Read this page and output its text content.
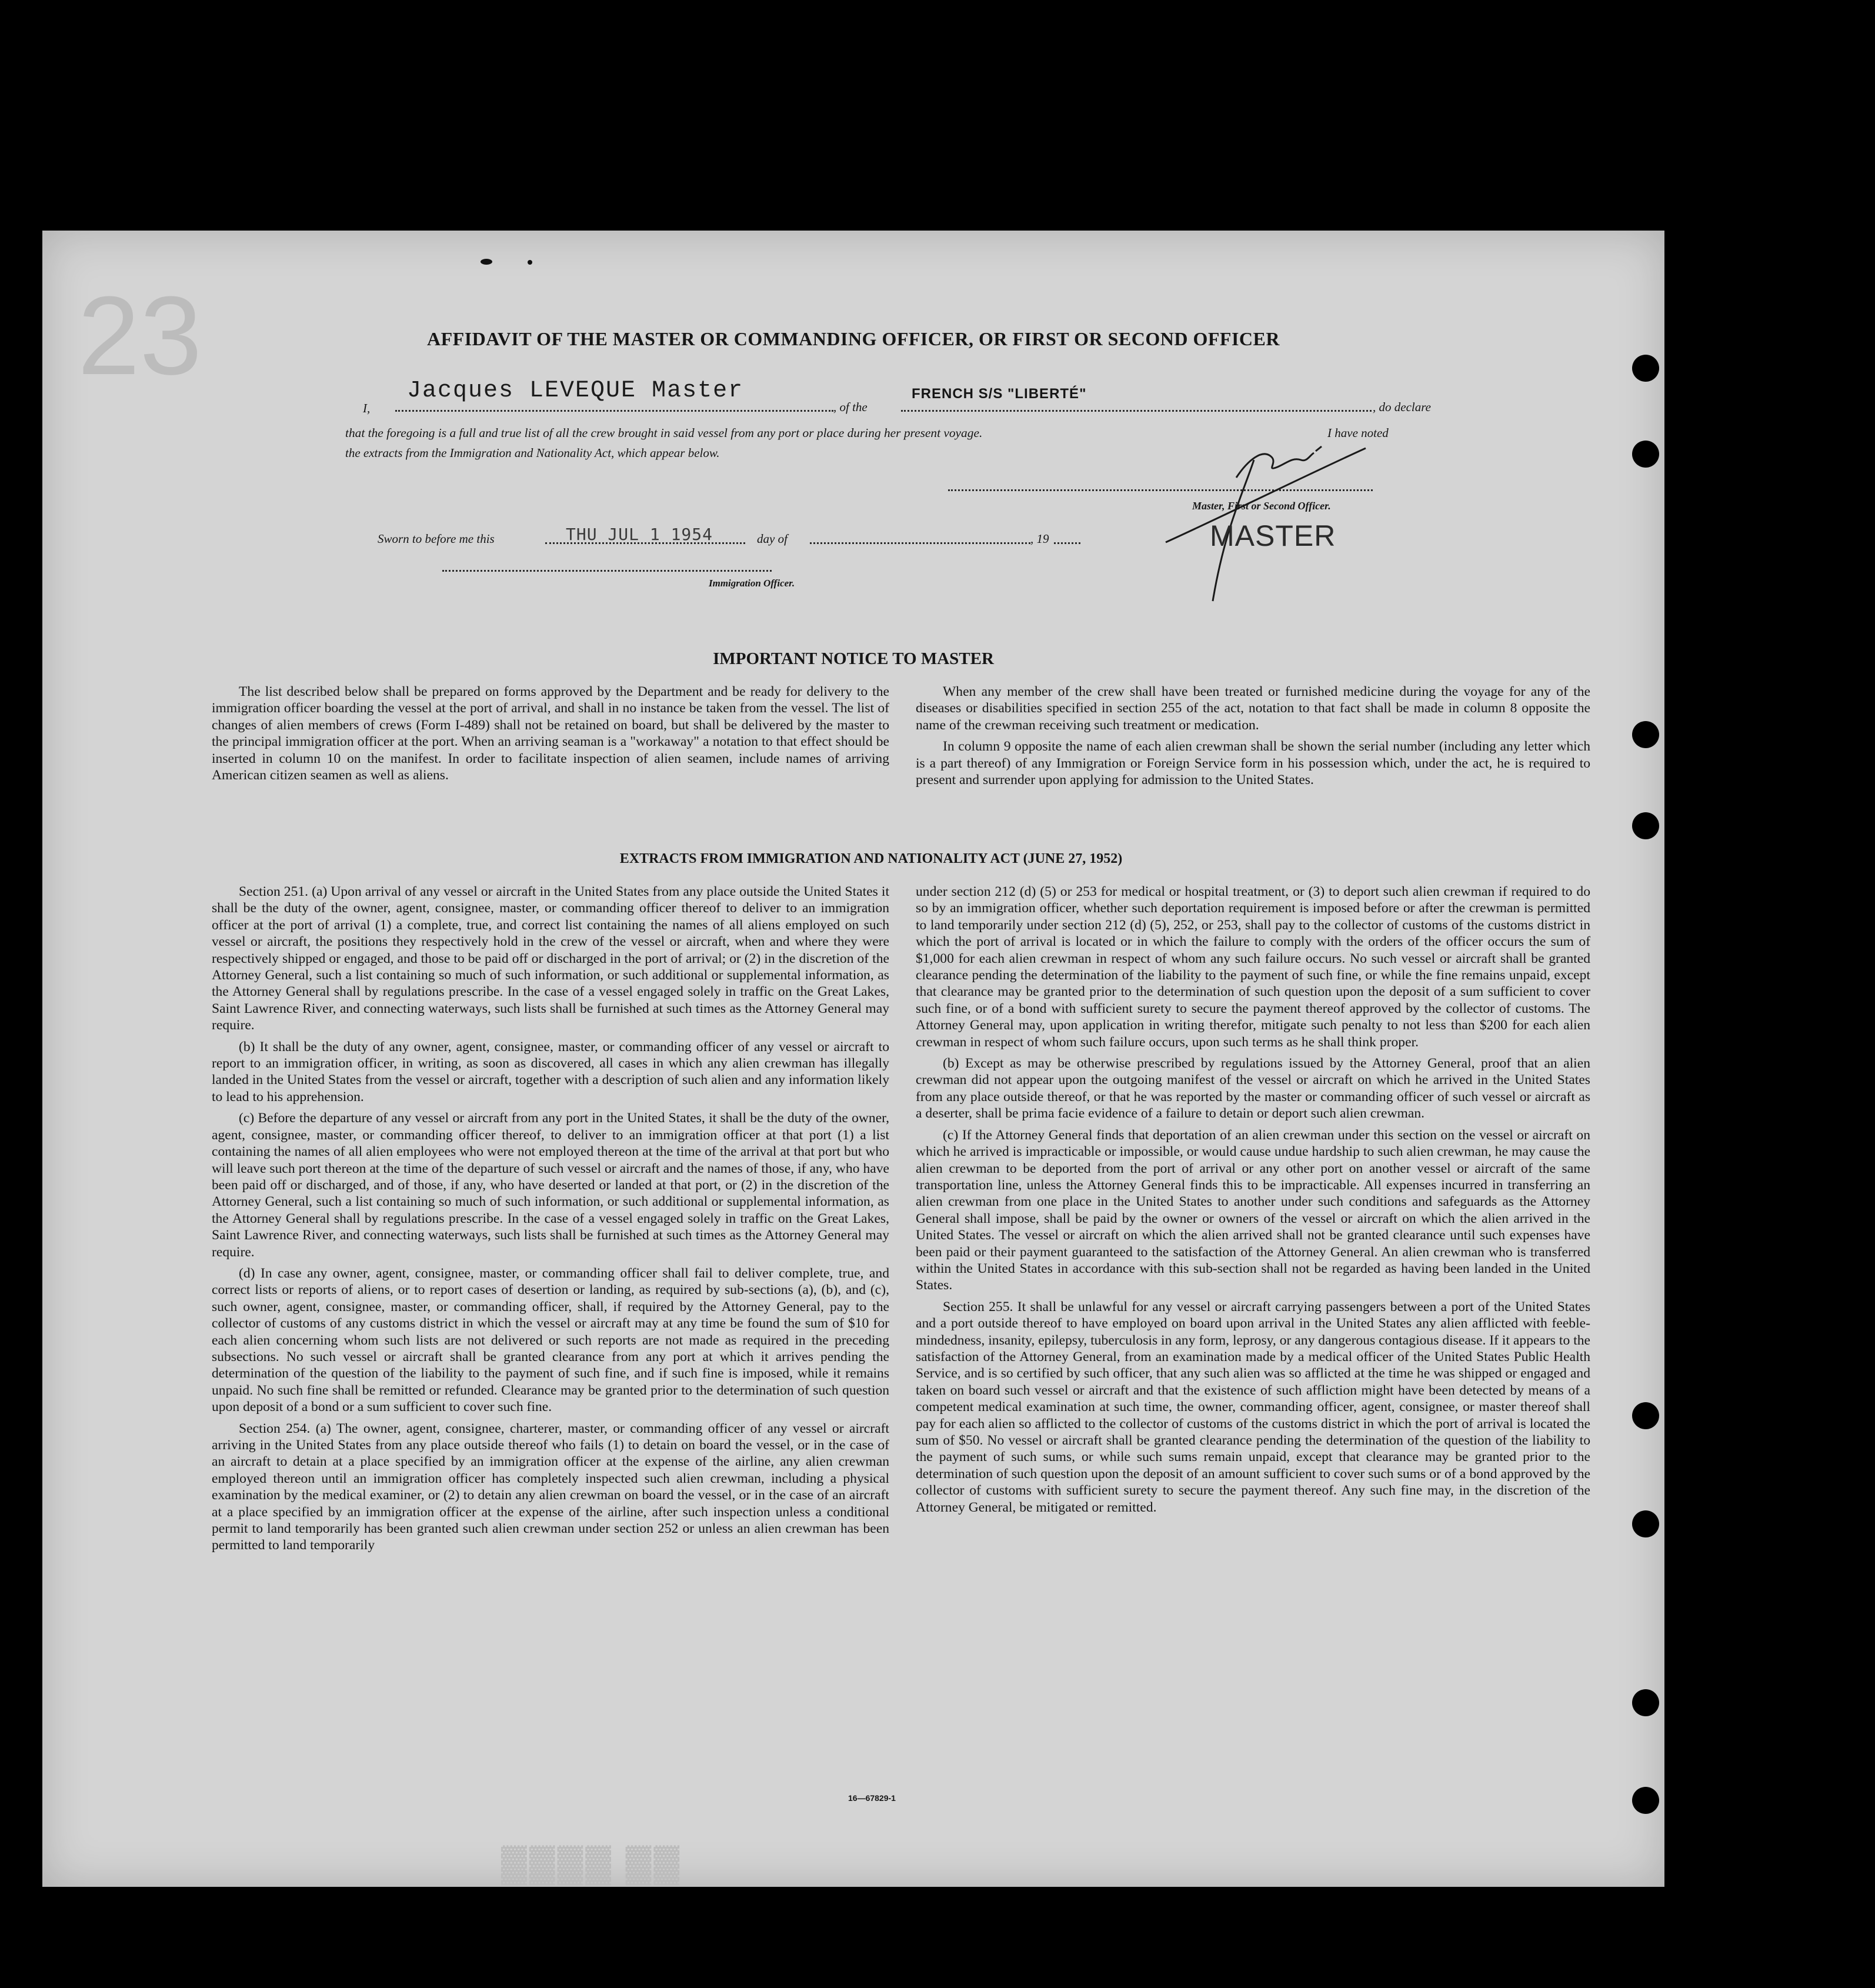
23
▓▓▓▓ ▓▓
AFFIDAVIT OF THE MASTER OR COMMANDING OFFICER, OR FIRST OR SECOND OFFICER
I,
Jacques LEVEQUE Master
, of the
FRENCH S/S "LIBERTÉ"
, do declare
that the foregoing is a full and true list of all the crew brought in said vessel from any port or place during her present voyage.	I have noted
the extracts from the Immigration and Nationality Act, which appear below.
Master, First or Second Officer.
MASTER
Sworn to before me this	THU JUL 1 1954	day of	, 19
Immigration Officer.
IMPORTANT NOTICE TO MASTER

The list described below shall be prepared on forms approved by the Department and be ready for delivery to the immigration officer boarding the vessel at the port of arrival, and shall in no instance be taken from the vessel. The list of changes of alien members of crews (Form I-489) shall not be retained on board, but shall be delivered by the master to the principal immigration officer at the port. When an arriving seaman is a "workaway" a notation to that effect should be inserted in column 10 on the manifest. In order to facilitate inspection of alien seamen, include names of arriving American citizen seamen as well as aliens.

When any member of the crew shall have been treated or furnished medicine during the voyage for any of the diseases or disabilities specified in section 255 of the act, notation to that fact shall be made in column 8 opposite the name of the crewman receiving such treatment or medication.

In column 9 opposite the name of each alien crewman shall be shown the serial number (including any letter which is a part thereof) of any Immigration or Foreign Service form in his possession which, under the act, he is required to present and surrender upon applying for admission to the United States.

EXTRACTS FROM IMMIGRATION AND NATIONALITY ACT (JUNE 27, 1952)

Section 251. (a) Upon arrival of any vessel or aircraft in the United States from any place outside the United States it shall be the duty of the owner, agent, consignee, master, or commanding officer thereof to deliver to an immigration officer at the port of arrival (1) a complete, true, and correct list containing the names of all aliens employed on such vessel or aircraft, the positions they respectively hold in the crew of the vessel or aircraft, when and where they were respectively shipped or engaged, and those to be paid off or discharged in the port of arrival; or (2) in the discretion of the Attorney General, such a list containing so much of such information, or such additional or supplemental information, as the Attorney General shall by regulations prescribe. In the case of a vessel engaged solely in traffic on the Great Lakes, Saint Lawrence River, and connecting waterways, such lists shall be furnished at such times as the Attorney General may require.

(b) It shall be the duty of any owner, agent, consignee, master, or commanding officer of any vessel or aircraft to report to an immigration officer, in writing, as soon as discovered, all cases in which any alien crewman has illegally landed in the United States from the vessel or aircraft, together with a description of such alien and any information likely to lead to his apprehension.

(c) Before the departure of any vessel or aircraft from any port in the United States, it shall be the duty of the owner, agent, consignee, master, or commanding officer thereof, to deliver to an immigration officer at that port (1) a list containing the names of all alien employees who were not employed thereon at the time of the arrival at that port but who will leave such port thereon at the time of the departure of such vessel or aircraft and the names of those, if any, who have been paid off or discharged, and of those, if any, who have deserted or landed at that port, or (2) in the discretion of the Attorney General, such a list containing so much of such information, or such additional or supplemental information, as the Attorney General shall by regulations prescribe. In the case of a vessel engaged solely in traffic on the Great Lakes, Saint Lawrence River, and connecting waterways, such lists shall be furnished at such times as the Attorney General may require.

(d) In case any owner, agent, consignee, master, or commanding officer shall fail to deliver complete, true, and correct lists or reports of aliens, or to report cases of desertion or landing, as required by sub-sections (a), (b), and (c), such owner, agent, consignee, master, or commanding officer, shall, if required by the Attorney General, pay to the collector of customs of any customs district in which the vessel or aircraft may at any time be found the sum of $10 for each alien concerning whom such lists are not delivered or such reports are not made as required in the preceding subsections. No such vessel or aircraft shall be granted clearance from any port at which it arrives pending the determination of the question of the liability to the payment of such fine, and if such fine is imposed, while it remains unpaid. No such fine shall be remitted or refunded. Clearance may be granted prior to the determination of such question upon deposit of a bond or a sum sufficient to cover such fine.

Section 254. (a) The owner, agent, consignee, charterer, master, or commanding officer of any vessel or aircraft arriving in the United States from any place outside thereof who fails (1) to detain on board the vessel, or in the case of an aircraft to detain at a place specified by an immigration officer at the expense of the airline, any alien crewman employed thereon until an immigration officer has completely inspected such alien crewman, including a physical examination by the medical examiner, or (2) to detain any alien crewman on board the vessel, or in the case of an aircraft at a place specified by an immigration officer at the expense of the airline, after such inspection unless a conditional permit to land temporarily has been granted such alien crewman under section 252 or unless an alien crewman has been permitted to land temporarily

under section 212 (d) (5) or 253 for medical or hospital treatment, or (3) to deport such alien crewman if required to do so by an immigration officer, whether such deportation requirement is imposed before or after the crewman is permitted to land temporarily under section 212 (d) (5), 252, or 253, shall pay to the collector of customs of the customs district in which the port of arrival is located or in which the failure to comply with the orders of the officer occurs the sum of $1,000 for each alien crewman in respect of whom any such failure occurs. No such vessel or aircraft shall be granted clearance pending the determination of the liability to the payment of such fine, or while the fine remains unpaid, except that clearance may be granted prior to the determination of such question upon the deposit of a sum sufficient to cover such fine, or of a bond with sufficient surety to secure the payment thereof approved by the collector of customs. The Attorney General may, upon application in writing therefor, mitigate such penalty to not less than $200 for each alien crewman in respect of whom such failure occurs, upon such terms as he shall think proper.

(b) Except as may be otherwise prescribed by regulations issued by the Attorney General, proof that an alien crewman did not appear upon the outgoing manifest of the vessel or aircraft on which he arrived in the United States from any place outside thereof, or that he was reported by the master or commanding officer of such vessel or aircraft as a deserter, shall be prima facie evidence of a failure to detain or deport such alien crewman.

(c) If the Attorney General finds that deportation of an alien crewman under this section on the vessel or aircraft on which he arrived is impracticable or impossible, or would cause undue hardship to such alien crewman, he may cause the alien crewman to be deported from the port of arrival or any other port on another vessel or aircraft of the same transportation line, unless the Attorney General finds this to be impracticable. All expenses incurred in transferring an alien crewman from one place in the United States to another under such conditions and safeguards as the Attorney General shall impose, shall be paid by the owner or owners of the vessel or aircraft on which the alien arrived in the United States. The vessel or aircraft on which the alien arrived shall not be granted clearance until such expenses have been paid or their payment guaranteed to the satisfaction of the Attorney General. An alien crewman who is transferred within the United States in accordance with this sub-section shall not be regarded as having been landed in the United States.

Section 255. It shall be unlawful for any vessel or aircraft carrying passengers between a port of the United States and a port outside thereof to have employed on board upon arrival in the United States any alien afflicted with feeble-mindedness, insanity, epilepsy, tuberculosis in any form, leprosy, or any dangerous contagious disease. If it appears to the satisfaction of the Attorney General, from an examination made by a medical officer of the United States Public Health Service, and is so certified by such officer, that any such alien was so afflicted at the time he was shipped or engaged and taken on board such vessel or aircraft and that the existence of such affliction might have been detected by means of a competent medical examination at such time, the owner, commanding officer, agent, consignee, or master thereof shall pay for each alien so afflicted to the collector of customs of the customs district in which the port of arrival is located the sum of $50. No vessel or aircraft shall be granted clearance pending the determination of the question of the liability to the payment of such sums, or while such sums remain unpaid, except that clearance may be granted prior to the determination of such question upon the deposit of an amount sufficient to cover such sums or of a bond approved by the collector of customs with sufficient surety to secure the payment thereof. Any such fine may, in the discretion of the Attorney General, be mitigated or remitted.

16—67829-1
